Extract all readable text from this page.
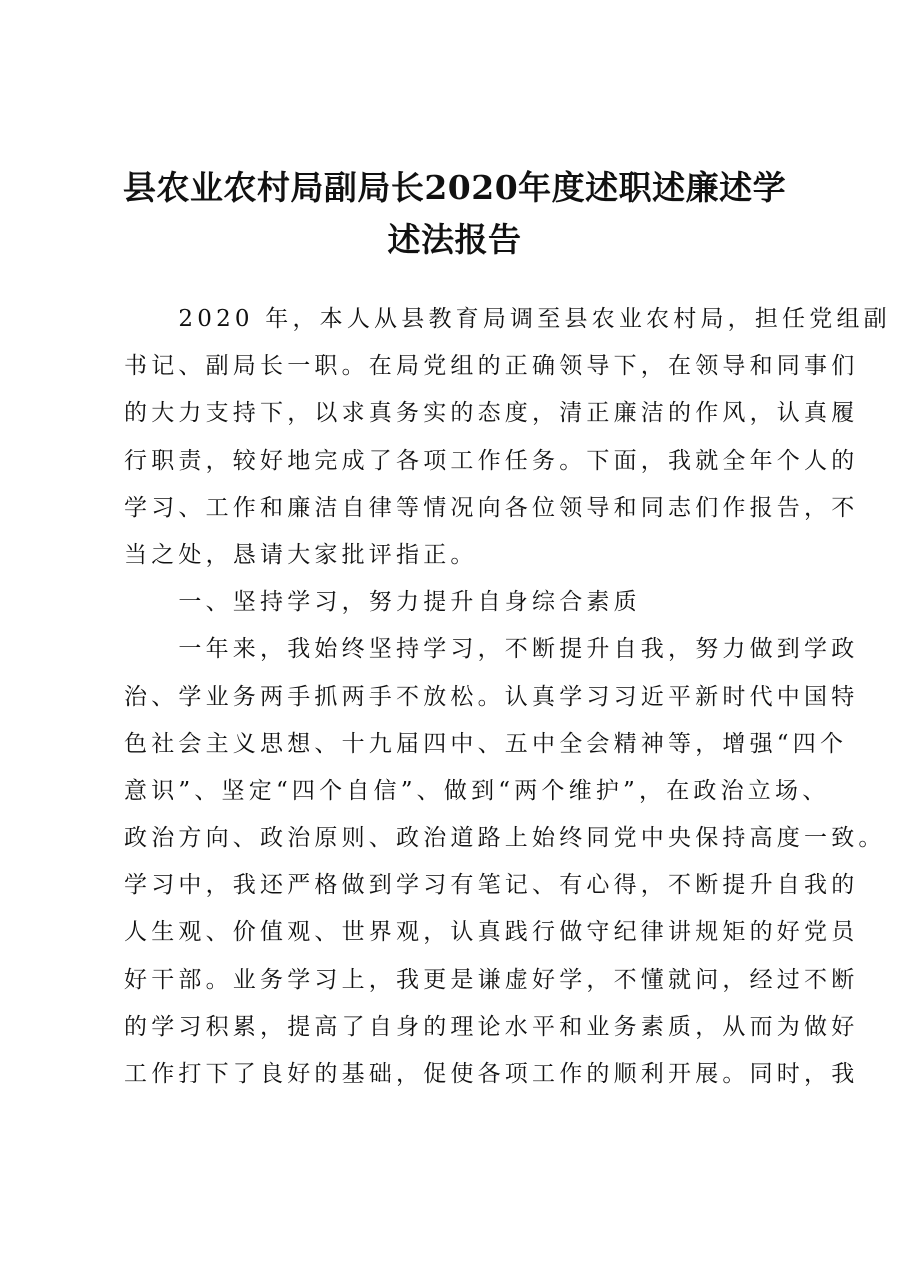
县农业农村局副局长2020年度述职述廉述学
述法报告
　　2020 年，本人从县教育局调至县农业农村局，担任党组副
书记、副局长一职。在局党组的正确领导下，在领导和同事们
的大力支持下，以求真务实的态度，清正廉洁的作风，认真履
行职责，较好地完成了各项工作任务。下面，我就全年个人的
学习、工作和廉洁自律等情况向各位领导和同志们作报告，不
当之处，恳请大家批评指正。
　　一、坚持学习，努力提升自身综合素质
　　一年来，我始终坚持学习，不断提升自我，努力做到学政
治、学业务两手抓两手不放松。认真学习习近平新时代中国特
色社会主义思想、十九届四中、五中全会精神等，增强“四个
意识”、坚定“四个自信”、做到“两个维护”，在政治立场、
政治方向、政治原则、政治道路上始终同党中央保持高度一致。
学习中，我还严格做到学习有笔记、有心得，不断提升自我的
人生观、价值观、世界观，认真践行做守纪律讲规矩的好党员
好干部。业务学习上，我更是谦虚好学，不懂就问，经过不断
的学习积累，提高了自身的理论水平和业务素质，从而为做好
工作打下了良好的基础，促使各项工作的顺利开展。同时，我
